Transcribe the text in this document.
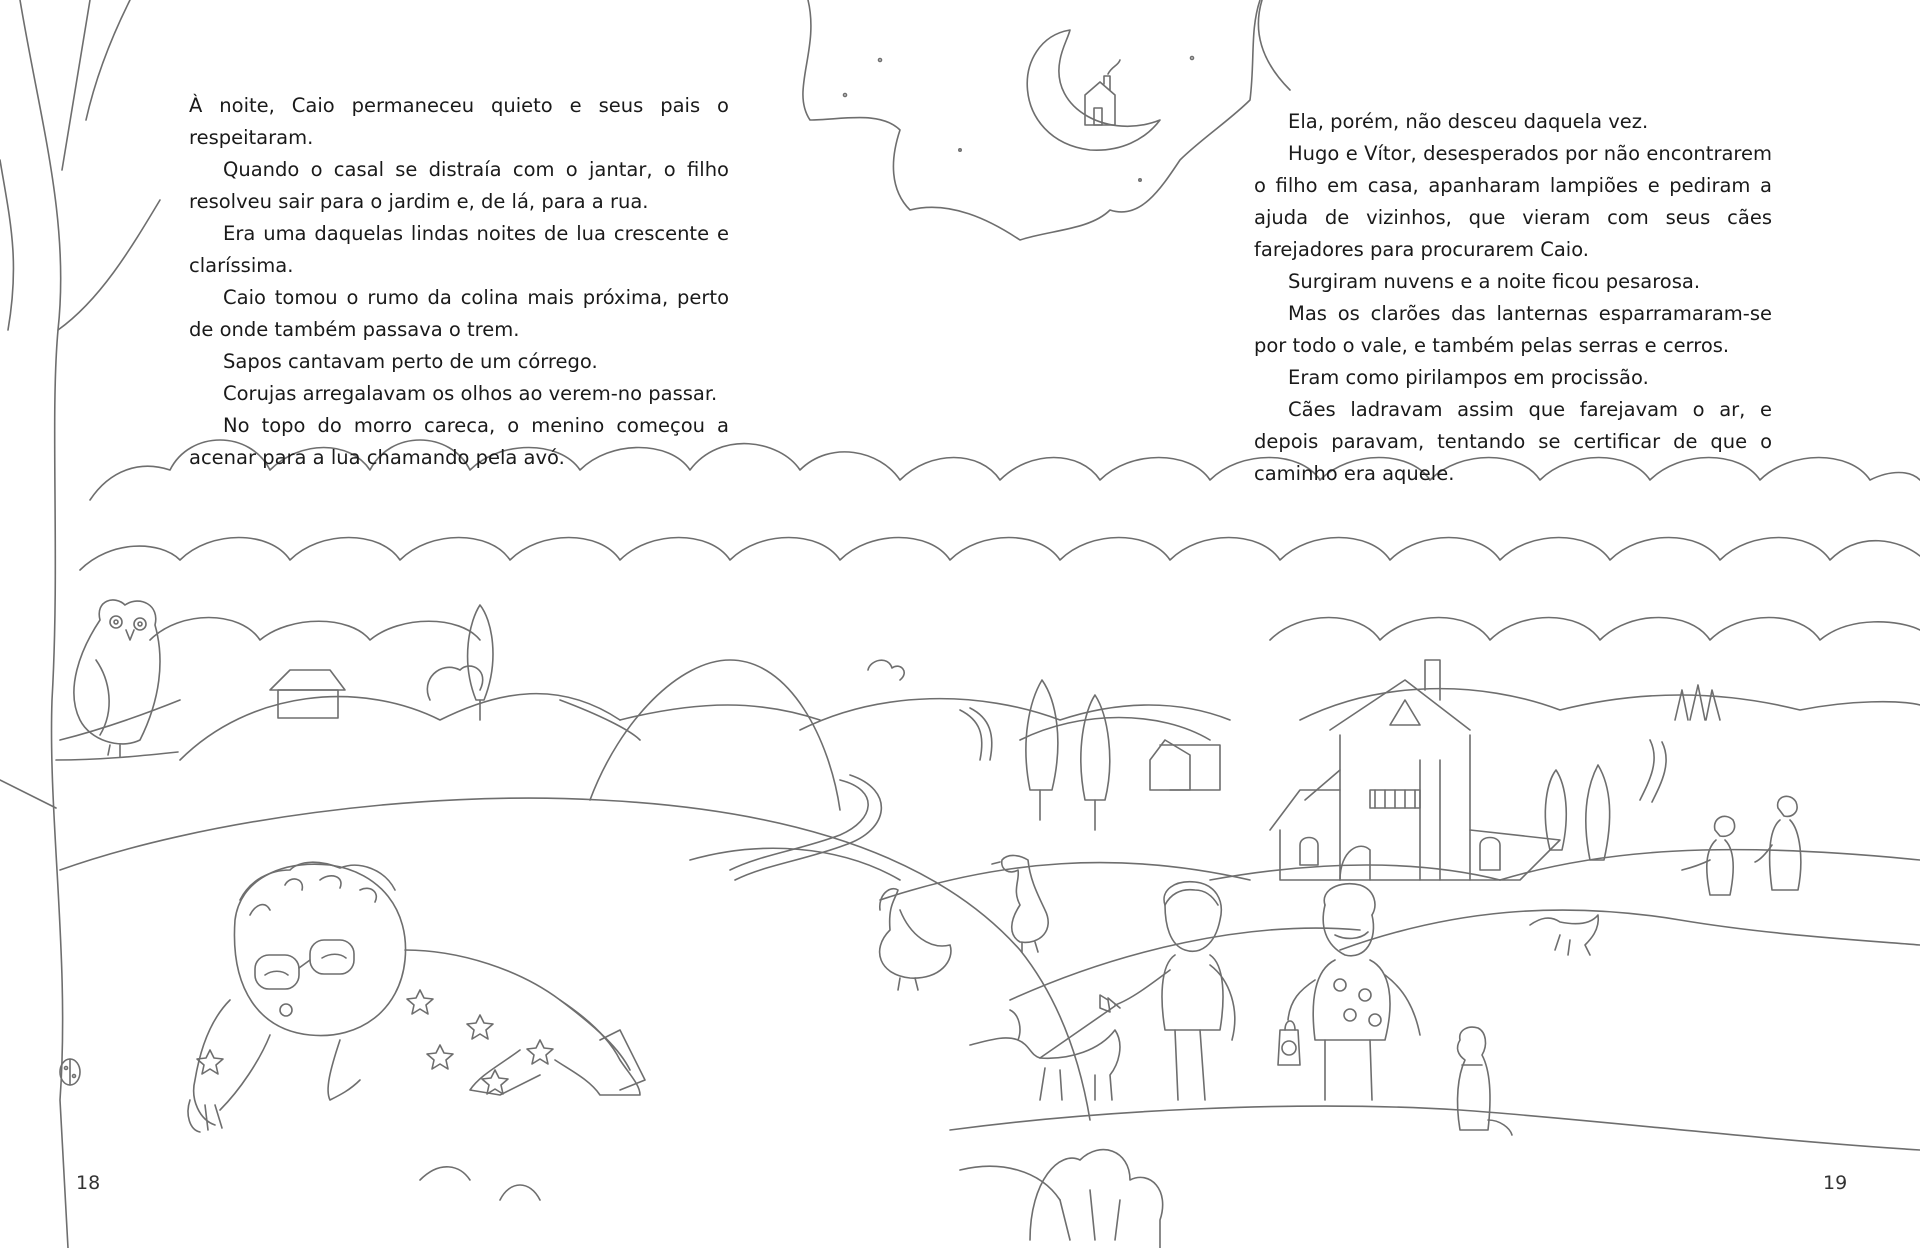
À noite, Caio permaneceu quieto e seus pais o respeitaram.

Quando o casal se distraía com o jantar, o filho resolveu sair para o jardim e, de lá, para a rua.

Era uma daquelas lindas noites de lua crescente e claríssima.

Caio tomou o rumo da colina mais próxima, perto de onde também passava o trem.

Sapos cantavam perto de um córrego.

Corujas arregalavam os olhos ao verem-no passar.

No topo do morro careca, o menino começou a acenar para a lua chamando pela avó.

Ela, porém, não desceu daquela vez.

Hugo e Vítor, desesperados por não encontrarem o filho em casa, apanharam lampiões e pediram a ajuda de vizinhos, que vieram com seus cães farejadores para procurarem Caio.

Surgiram nuvens e a noite ficou pesarosa.

Mas os clarões das lanternas esparramaram-se por todo o vale, e também pelas serras e cerros.

Eram como pirilampos em procissão.

Cães ladravam assim que farejavam o ar, e depois paravam, tentando se certificar de que o caminho era aquele.

18	19
